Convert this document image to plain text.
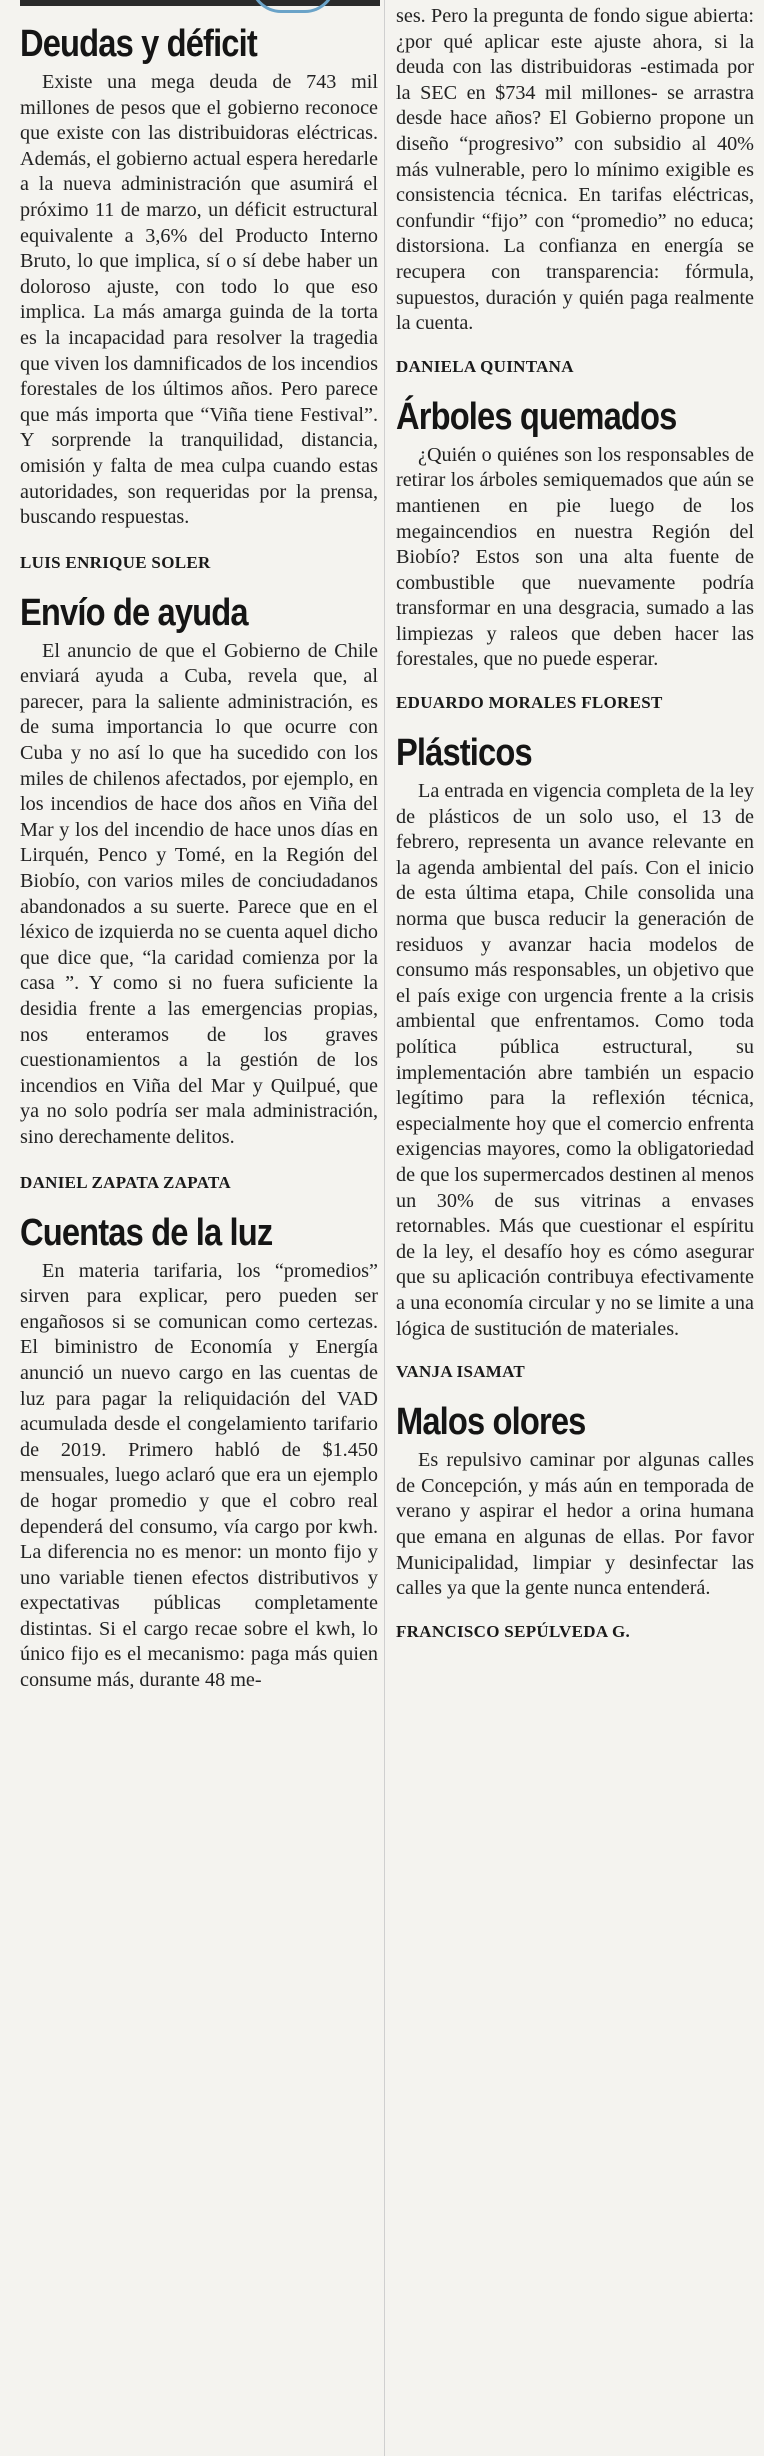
Deudas y déficit

Existe una mega deuda de 743 mil millones de pesos que el gobierno reconoce que existe con las distribuidoras eléctricas. Además, el gobierno actual espera heredarle a la nueva administración que asumirá el próximo 11 de marzo, un déficit estructural equivalente a 3,6% del Producto Interno Bruto, lo que implica, sí o sí debe haber un doloroso ajuste, con todo lo que eso implica. La más amarga guinda de la torta es la incapacidad para resolver la tragedia que viven los damnificados de los incendios forestales de los últimos años. Pero parece que más importa que “Viña tiene Festival”. Y sorprende la tranquilidad, distancia, omisión y falta de mea culpa cuando estas autoridades, son requeridas por la prensa, buscando respuestas.

LUIS ENRIQUE SOLER
Envío de ayuda

El anuncio de que el Gobierno de Chile enviará ayuda a Cuba, revela que, al parecer, para la saliente administración, es de suma importancia lo que ocurre con Cuba y no así lo que ha sucedido con los miles de chilenos afectados, por ejemplo, en los incendios de hace dos años en Viña del Mar y los del incendio de hace unos días en Lirquén, Penco y Tomé, en la Región del Biobío, con varios miles de conciudadanos abandonados a su suerte. Parece que en el léxico de izquierda no se cuenta aquel dicho que dice que, “la caridad comienza por la casa ”. Y como si no fuera suficiente la desidia frente a las emergencias propias, nos enteramos de los graves cuestionamientos a la gestión de los incendios en Viña del Mar y Quilpué, que ya no solo podría ser mala administración, sino derechamente delitos.

DANIEL ZAPATA ZAPATA
Cuentas de la luz

En materia tarifaria, los “promedios” sirven para explicar, pero pueden ser engañosos si se comunican como certezas. El biministro de Economía y Energía anunció un nuevo cargo en las cuentas de luz para pagar la reliquidación del VAD acumulada desde el congelamiento tarifario de 2019. Primero habló de $1.450 mensuales, luego aclaró que era un ejemplo de hogar promedio y que el cobro real dependerá del consumo, vía cargo por kwh. La diferencia no es menor: un monto fijo y uno variable tienen efectos distributivos y expectativas públicas completamente distintas. Si el cargo recae sobre el kwh, lo único fijo es el mecanismo: paga más quien consume más, durante 48 me-

ses. Pero la pregunta de fondo sigue abierta: ¿por qué aplicar este ajuste ahora, si la deuda con las distribuidoras -estimada por la SEC en $734 mil millones- se arrastra desde hace años? El Gobierno propone un diseño “progresivo” con subsidio al 40% más vulnerable, pero lo mínimo exigible es consistencia técnica. En tarifas eléctricas, confundir “fijo” con “promedio” no educa; distorsiona. La confianza en energía se recupera con transparencia: fórmula, supuestos, duración y quién paga realmente la cuenta.

DANIELA QUINTANA
Árboles quemados

¿Quién o quiénes son los responsables de retirar los árboles semiquemados que aún se mantienen en pie luego de los megaincendios en nuestra Región del Biobío? Estos son una alta fuente de combustible que nuevamente podría transformar en una desgracia, sumado a las limpiezas y raleos que deben hacer las forestales, que no puede esperar.

EDUARDO MORALES FLOREST
Plásticos

La entrada en vigencia completa de la ley de plásticos de un solo uso, el 13 de febrero, representa un avance relevante en la agenda ambiental del país. Con el inicio de esta última etapa, Chile consolida una norma que busca reducir la generación de residuos y avanzar hacia modelos de consumo más responsables, un objetivo que el país exige con urgencia frente a la crisis ambiental que enfrentamos. Como toda política pública estructural, su implementación abre también un espacio legítimo para la reflexión técnica, especialmente hoy que el comercio enfrenta exigencias mayores, como la obligatoriedad de que los supermercados destinen al menos un 30% de sus vitrinas a envases retornables. Más que cuestionar el espíritu de la ley, el desafío hoy es cómo asegurar que su aplicación contribuya efectivamente a una economía circular y no se limite a una lógica de sustitución de materiales.

VANJA ISAMAT
Malos olores

Es repulsivo caminar por algunas calles de Concepción, y más aún en temporada de verano y aspirar el hedor a orina humana que emana en algunas de ellas. Por favor Municipalidad, limpiar y desinfectar las calles ya que la gente nunca entenderá.

FRANCISCO SEPÚLVEDA G.
